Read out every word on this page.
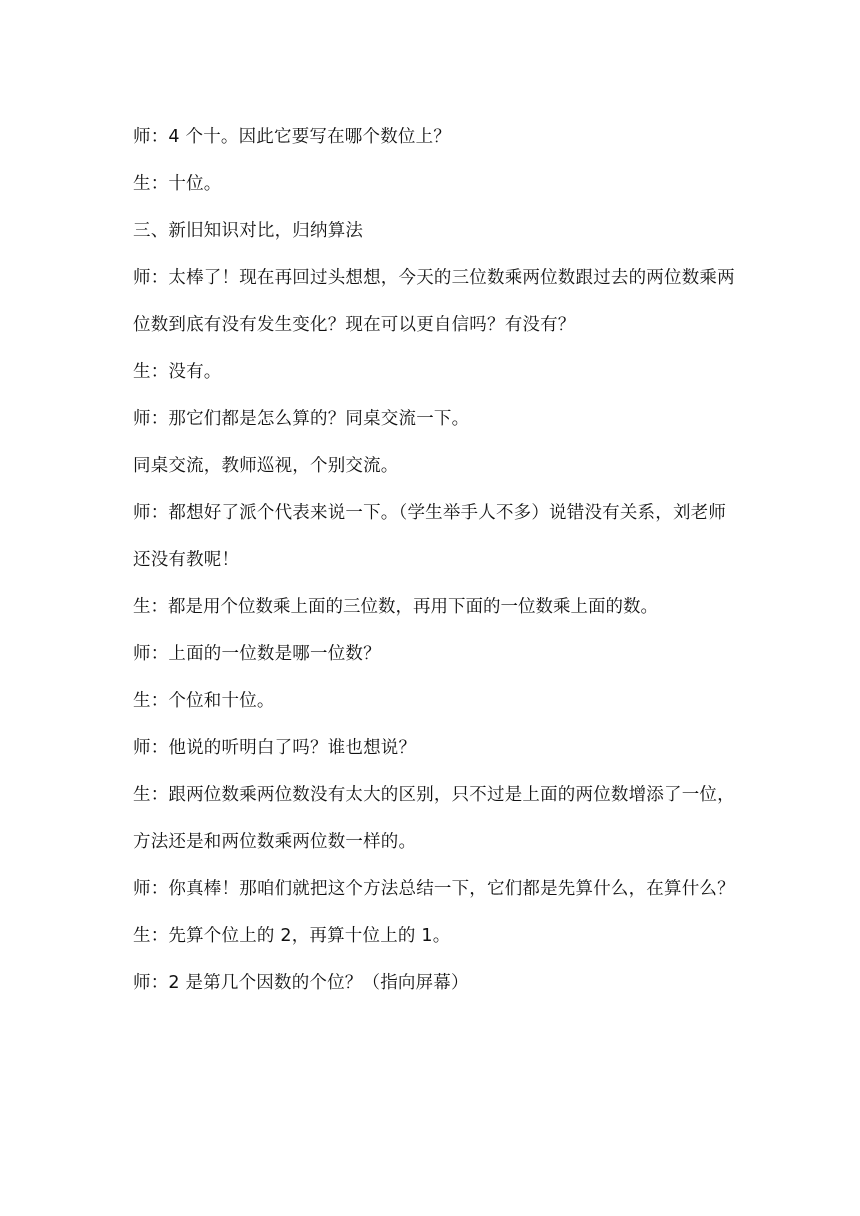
师：4 个十。因此它要写在哪个数位上？

生：十位。

三、新旧知识对比，归纳算法

师：太棒了！现在再回过头想想，今天的三位数乘两位数跟过去的两位数乘两位数到底有没有发生变化？现在可以更自信吗？有没有？

生：没有。

师：那它们都是怎么算的？同桌交流一下。

同桌交流，教师巡视，个别交流。

师：都想好了派个代表来说一下。（学生举手人不多）说错没有关系，刘老师还没有教呢！

生：都是用个位数乘上面的三位数，再用下面的一位数乘上面的数。

师：上面的一位数是哪一位数？

生：个位和十位。

师：他说的听明白了吗？谁也想说？

生：跟两位数乘两位数没有太大的区别，只不过是上面的两位数增添了一位，方法还是和两位数乘两位数一样的。

师：你真棒！那咱们就把这个方法总结一下，它们都是先算什么，在算什么？

生：先算个位上的 2，再算十位上的 1。

师：2 是第几个因数的个位？（指向屏幕）
